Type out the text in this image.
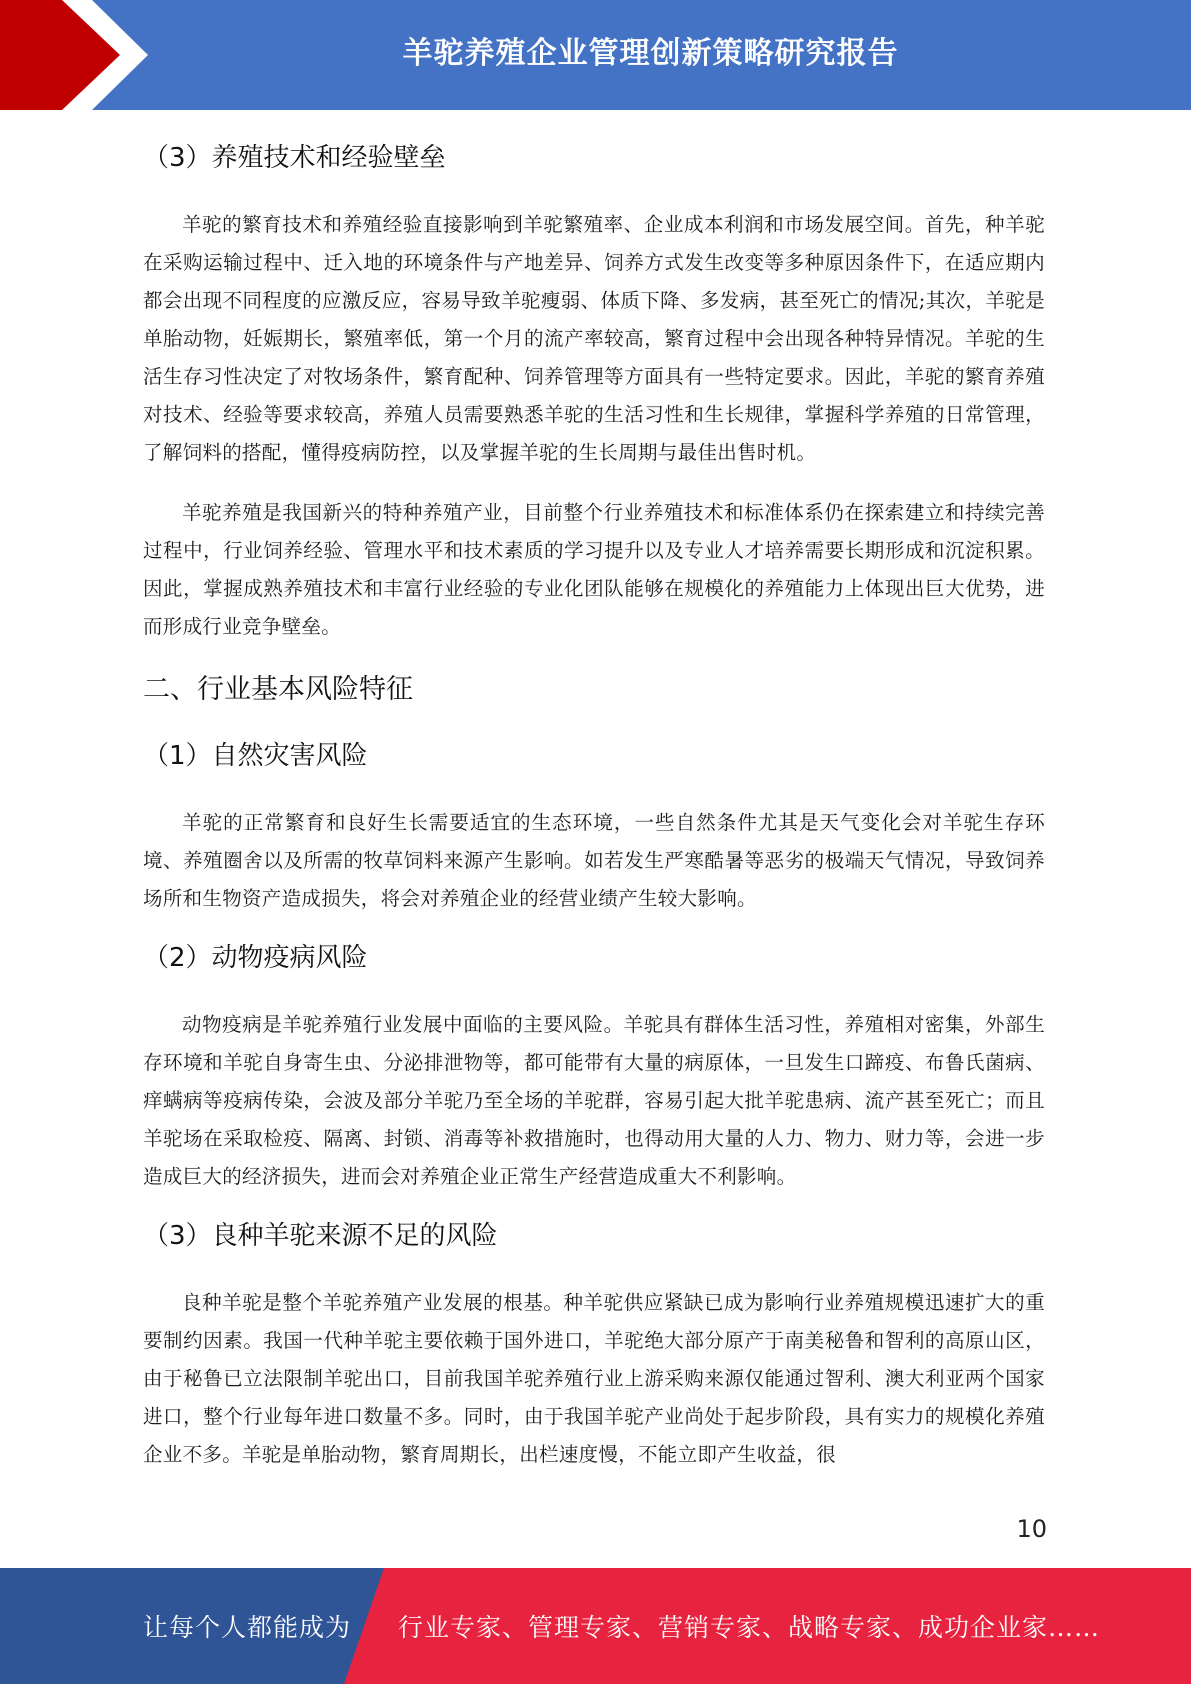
羊驼养殖企业管理创新策略研究报告
（3）养殖技术和经验壁垒

羊驼的繁育技术和养殖经验直接影响到羊驼繁殖率、企业成本利润和市场发展空间。首先，种羊驼在采购运输过程中、迁入地的环境条件与产地差异、饲养方式发生改变等多种原因条件下，在适应期内都会出现不同程度的应激反应，容易导致羊驼瘦弱、体质下降、多发病，甚至死亡的情况;其次，羊驼是单胎动物，妊娠期长，繁殖率低，第一个月的流产率较高，繁育过程中会出现各种特异情况。羊驼的生活生存习性决定了对牧场条件，繁育配种、饲养管理等方面具有一些特定要求。因此，羊驼的繁育养殖对技术、经验等要求较高，养殖人员需要熟悉羊驼的生活习性和生长规律，掌握科学养殖的日常管理，了解饲料的搭配，懂得疫病防控，以及掌握羊驼的生长周期与最佳出售时机。

羊驼养殖是我国新兴的特种养殖产业，目前整个行业养殖技术和标准体系仍在探索建立和持续完善过程中，行业饲养经验、管理水平和技术素质的学习提升以及专业人才培养需要长期形成和沉淀积累。因此，掌握成熟养殖技术和丰富行业经验的专业化团队能够在规模化的养殖能力上体现出巨大优势，进而形成行业竞争壁垒。

二、行业基本风险特征
（1）自然灾害风险

羊驼的正常繁育和良好生长需要适宜的生态环境，一些自然条件尤其是天气变化会对羊驼生存环境、养殖圈舍以及所需的牧草饲料来源产生影响。如若发生严寒酷暑等恶劣的极端天气情况，导致饲养场所和生物资产造成损失，将会对养殖企业的经营业绩产生较大影响。

（2）动物疫病风险

动物疫病是羊驼养殖行业发展中面临的主要风险。羊驼具有群体生活习性，养殖相对密集，外部生存环境和羊驼自身寄生虫、分泌排泄物等，都可能带有大量的病原体，一旦发生口蹄疫、布鲁氏菌病、痒螨病等疫病传染，会波及部分羊驼乃至全场的羊驼群，容易引起大批羊驼患病、流产甚至死亡；而且羊驼场在采取检疫、隔离、封锁、消毒等补救措施时，也得动用大量的人力、物力、财力等，会进一步造成巨大的经济损失，进而会对养殖企业正常生产经营造成重大不利影响。

（3）良种羊驼来源不足的风险

良种羊驼是整个羊驼养殖产业发展的根基。种羊驼供应紧缺已成为影响行业养殖规模迅速扩大的重要制约因素。我国一代种羊驼主要依赖于国外进口，羊驼绝大部分原产于南美秘鲁和智利的高原山区，由于秘鲁已立法限制羊驼出口，目前我国羊驼养殖行业上游采购来源仅能通过智利、澳大利亚两个国家进口，整个行业每年进口数量不多。同时，由于我国羊驼产业尚处于起步阶段，具有实力的规模化养殖企业不多。羊驼是单胎动物，繁育周期长，出栏速度慢，不能立即产生收益，很

10
让每个人都能成为 行业专家、管理专家、营销专家、战略专家、成功企业家……
